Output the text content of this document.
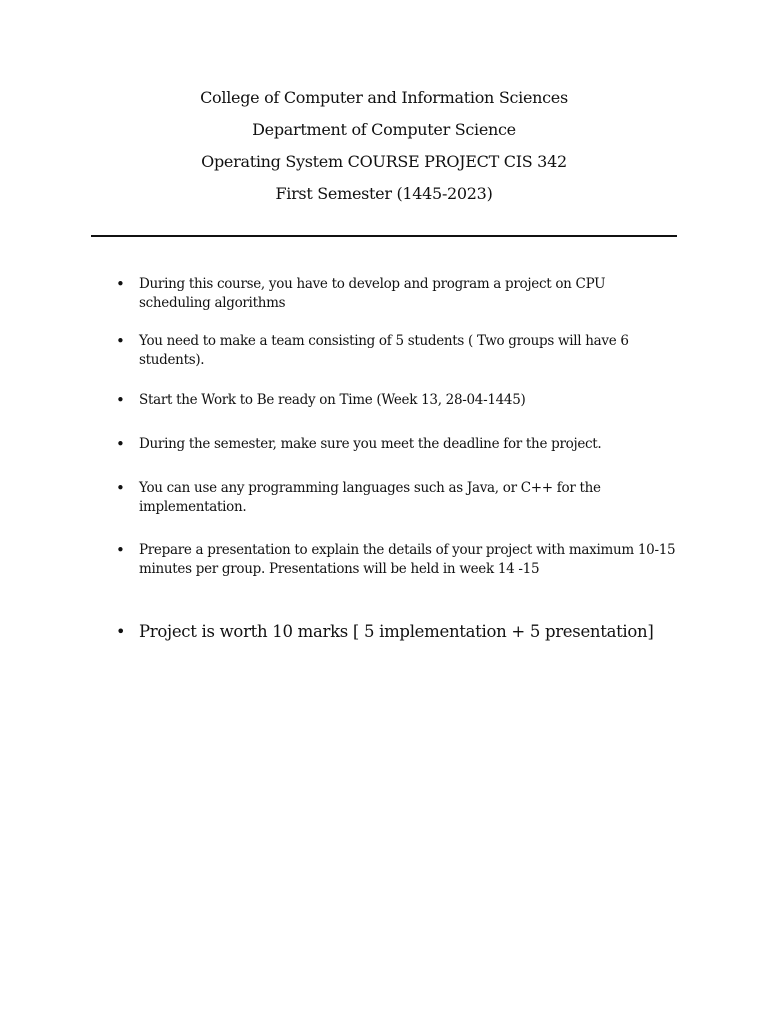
College of Computer and Information Sciences
Department of Computer Science
Operating System COURSE PROJECT CIS 342
First Semester (1445-2023)
•	During this course, you have to develop and program a project on CPU scheduling algorithms
•	You need to make a team consisting of 5 students ( Two groups will have 6 students).
•	Start the Work to Be ready on Time (Week 13, 28-04-1445)
•	During the semester, make sure you meet the deadline for the project.
•	You can use any programming languages such as Java, or C++ for the implementation.
•	Prepare a presentation to explain the details of your project with maximum 10-15 minutes per group. Presentations will be held in week 14 -15
• Project is worth 10 marks [ 5 implementation + 5 presentation]
